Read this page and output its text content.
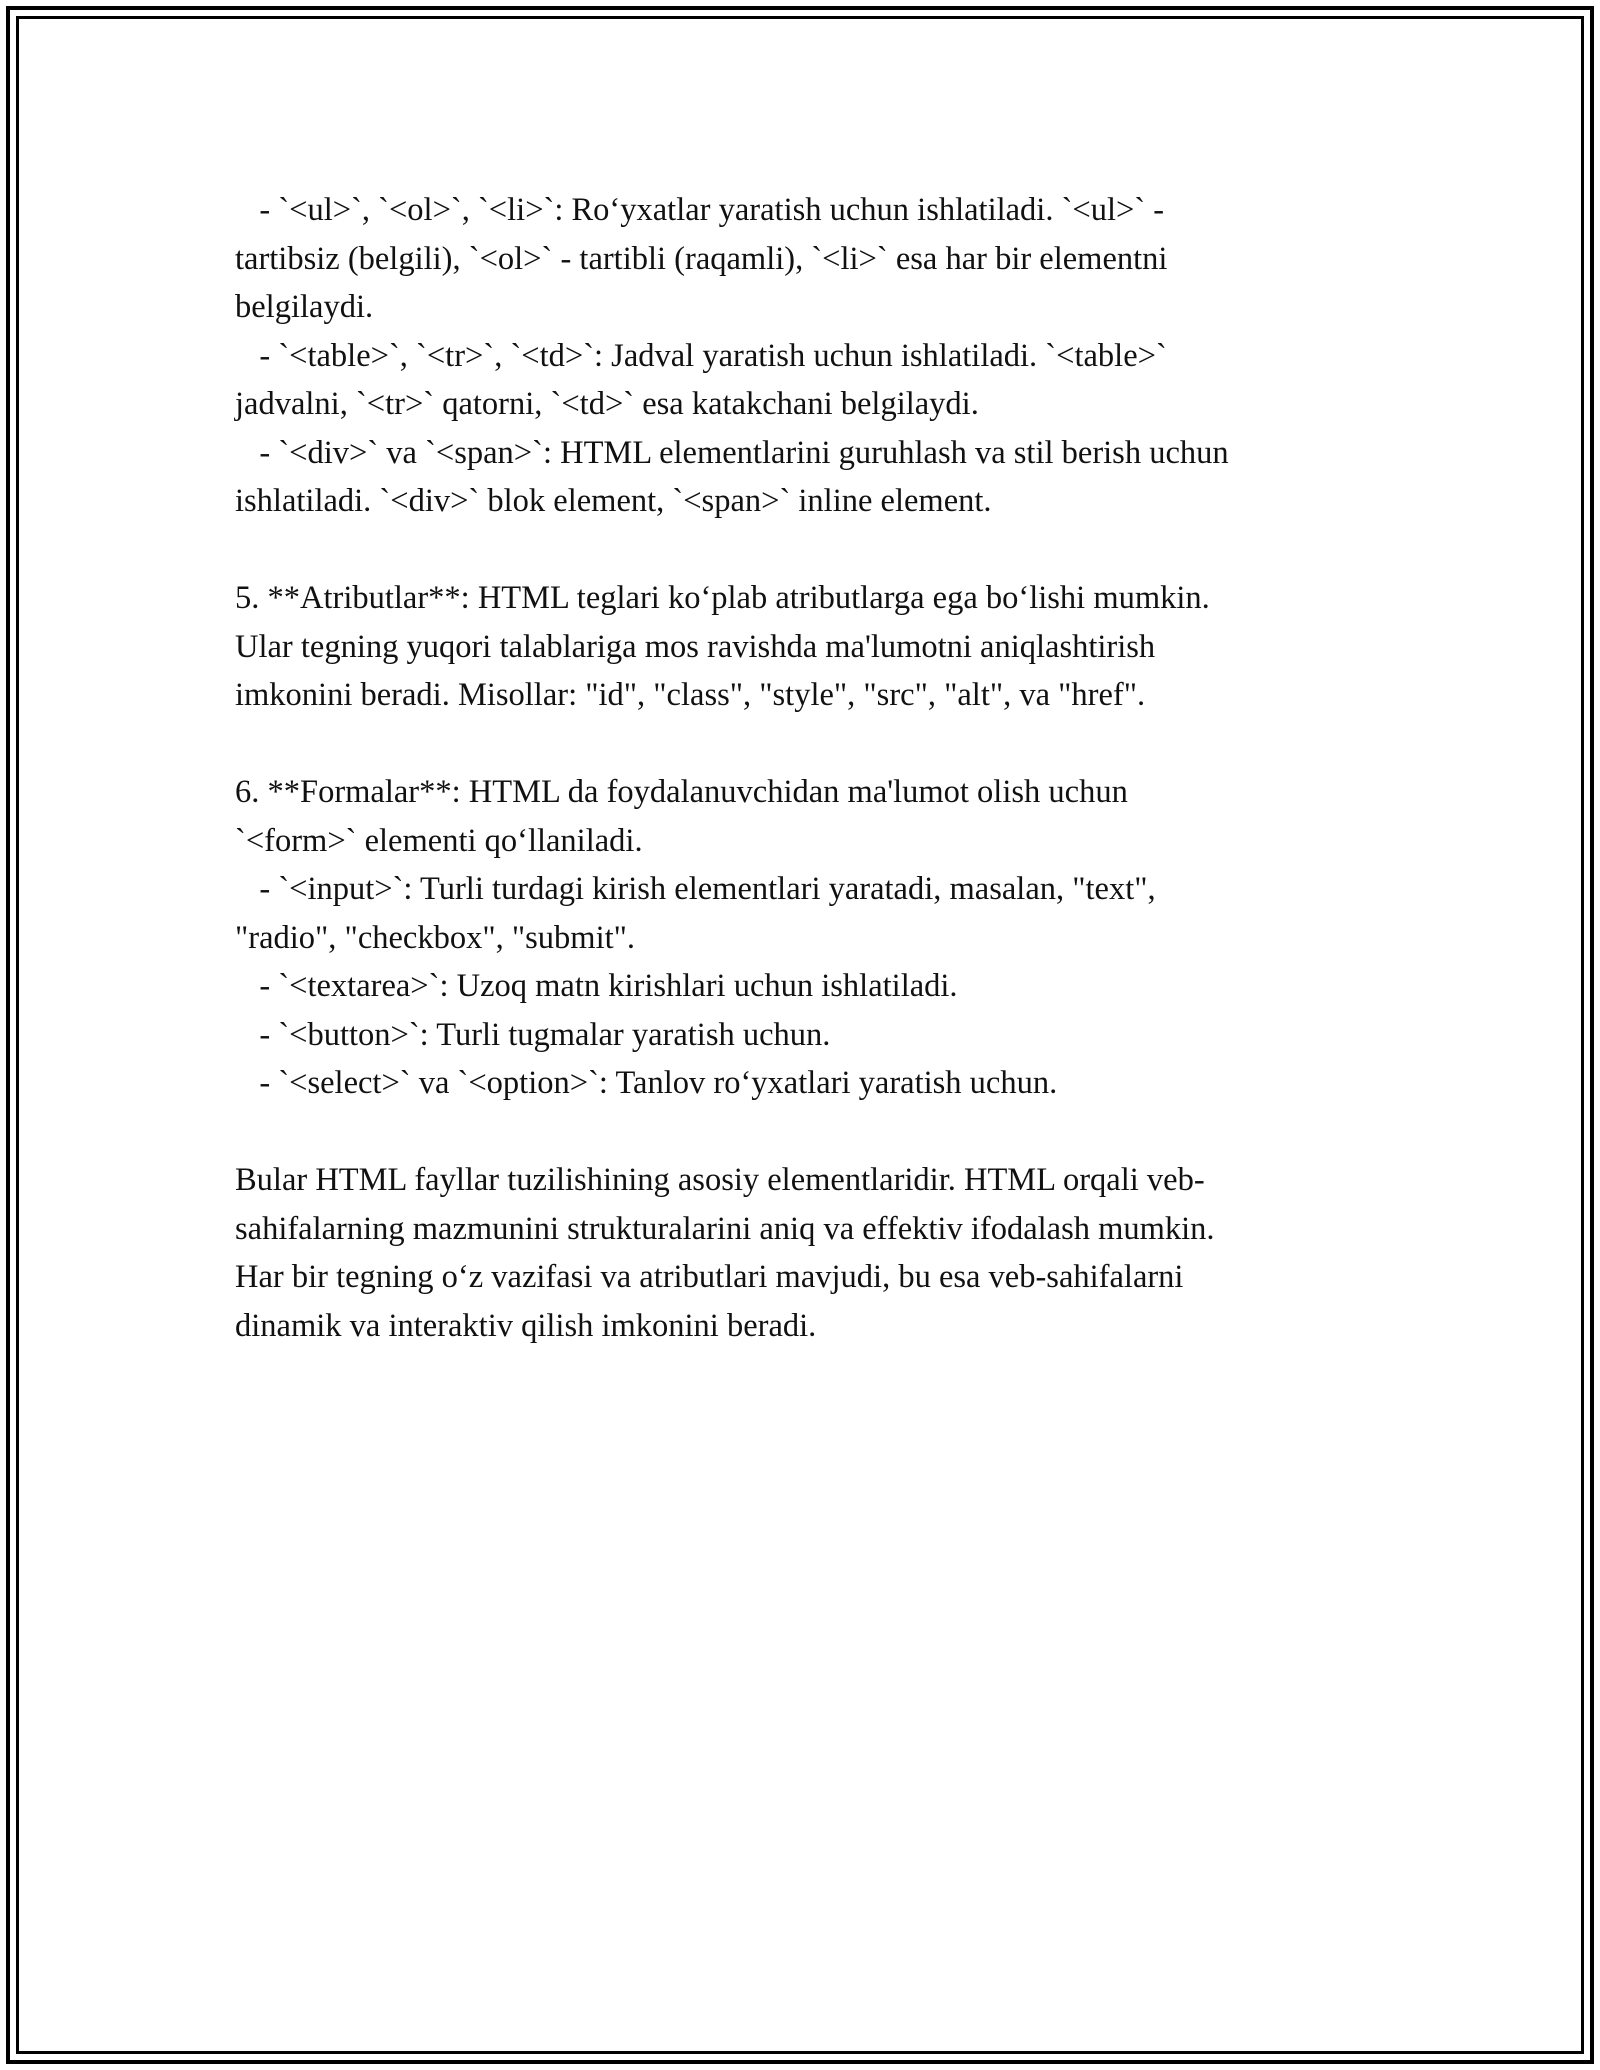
- `<ul>`, `<ol>`, `<li>`: Ro‘yxatlar yaratish uchun ishlatiladi. `<ul>` -
tartibsiz (belgili), `<ol>` - tartibli (raqamli), `<li>` esa har bir elementni
belgilaydi.
- `<table>`, `<tr>`, `<td>`: Jadval yaratish uchun ishlatiladi. `<table>`
jadvalni, `<tr>` qatorni, `<td>` esa katakchani belgilaydi.
- `<div>` va `<span>`: HTML elementlarini guruhlash va stil berish uchun
ishlatiladi. `<div>` blok element, `<span>` inline element.
5. **Atributlar**: HTML teglari ko‘plab atributlarga ega bo‘lishi mumkin.
Ular tegning yuqori talablariga mos ravishda ma'lumotni aniqlashtirish
imkonini beradi. Misollar: "id", "class", "style", "src", "alt", va "href".
6. **Formalar**: HTML da foydalanuvchidan ma'lumot olish uchun
`<form>` elementi qo‘llaniladi.
- `<input>`: Turli turdagi kirish elementlari yaratadi, masalan, "text",
"radio", "checkbox", "submit".
- `<textarea>`: Uzoq matn kirishlari uchun ishlatiladi.
- `<button>`: Turli tugmalar yaratish uchun.
- `<select>` va `<option>`: Tanlov ro‘yxatlari yaratish uchun.
Bular HTML fayllar tuzilishining asosiy elementlaridir. HTML orqali veb-
sahifalarning mazmunini strukturalarini aniq va effektiv ifodalash mumkin.
Har bir tegning o‘z vazifasi va atributlari mavjudi, bu esa veb-sahifalarni
dinamik va interaktiv qilish imkonini beradi.
